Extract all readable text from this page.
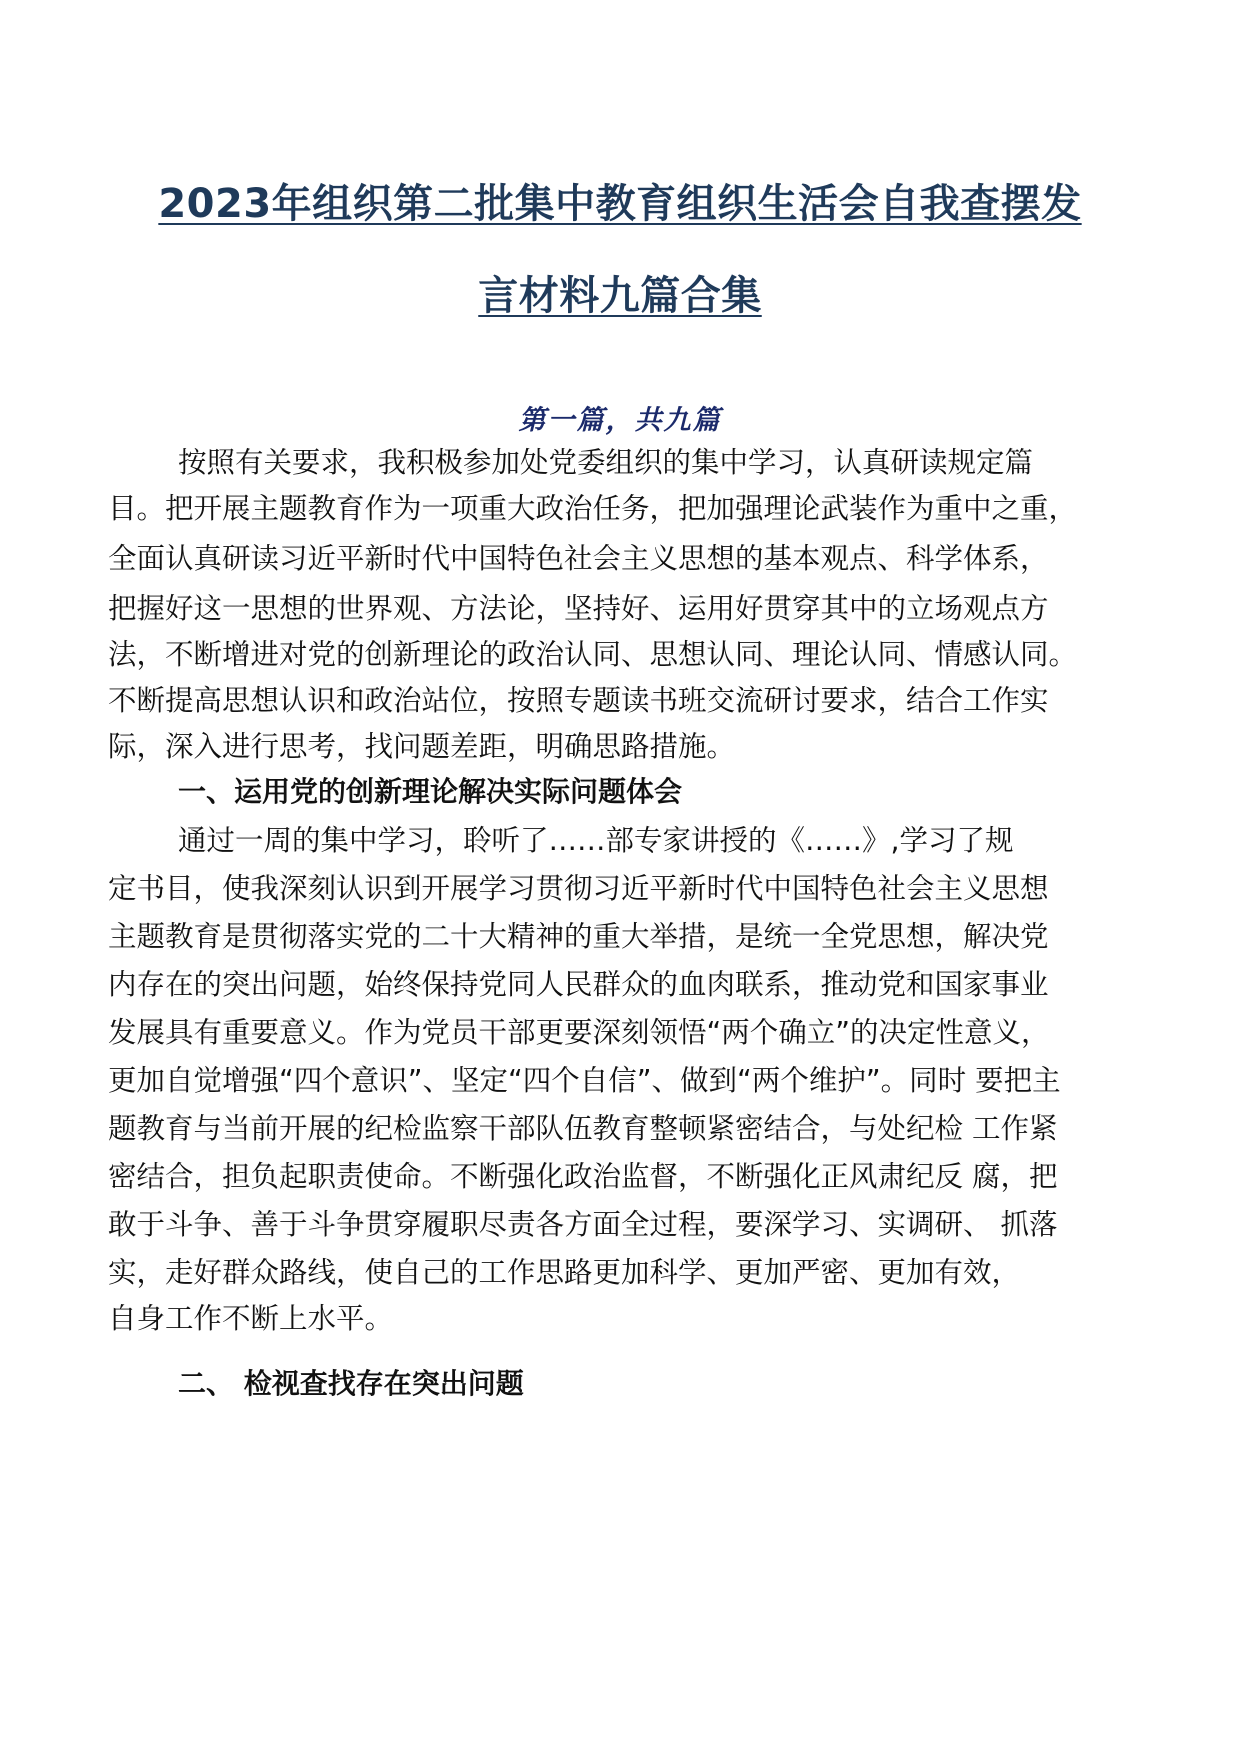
2023年组织第二批集中教育组织生活会自我查摆发
言材料九篇合集
第一篇，共九篇
按照有关要求，我积极参加处党委组织的集中学习，认真研读规定篇
目。把开展主题教育作为一项重大政治任务，把加强理论武装作为重中之重，
全面认真研读习近平新时代中国特色社会主义思想的基本观点、科学体系，
把握好这一思想的世界观、方法论，坚持好、运用好贯穿其中的立场观点方
法，不断增进对党的创新理论的政治认同、思想认同、理论认同、情感认同。
不断提高思想认识和政治站位，按照专题读书班交流研讨要求，结合工作实
际，深入进行思考，找问题差距，明确思路措施。
一、运用党的创新理论解决实际问题体会
通过一周的集中学习，聆听了……部专家讲授的《……》,学习了规
定书目，使我深刻认识到开展学习贯彻习近平新时代中国特色社会主义思想
主题教育是贯彻落实党的二十大精神的重大举措，是统一全党思想，解决党
内存在的突出问题，始终保持党同人民群众的血肉联系，推动党和国家事业
发展具有重要意义。作为党员干部更要深刻领悟“两个确立”的决定性意义，
更加自觉增强“四个意识”、坚定“四个自信”、做到“两个维护”。同时 要把主
题教育与当前开展的纪检监察干部队伍教育整顿紧密结合，与处纪检 工作紧
密结合，担负起职责使命。不断强化政治监督，不断强化正风肃纪反 腐，把
敢于斗争、善于斗争贯穿履职尽责各方面全过程，要深学习、实调研、 抓落
实，走好群众路线，使自己的工作思路更加科学、更加严密、更加有效，
自身工作不断上水平。
二、 检视查找存在突出问题
